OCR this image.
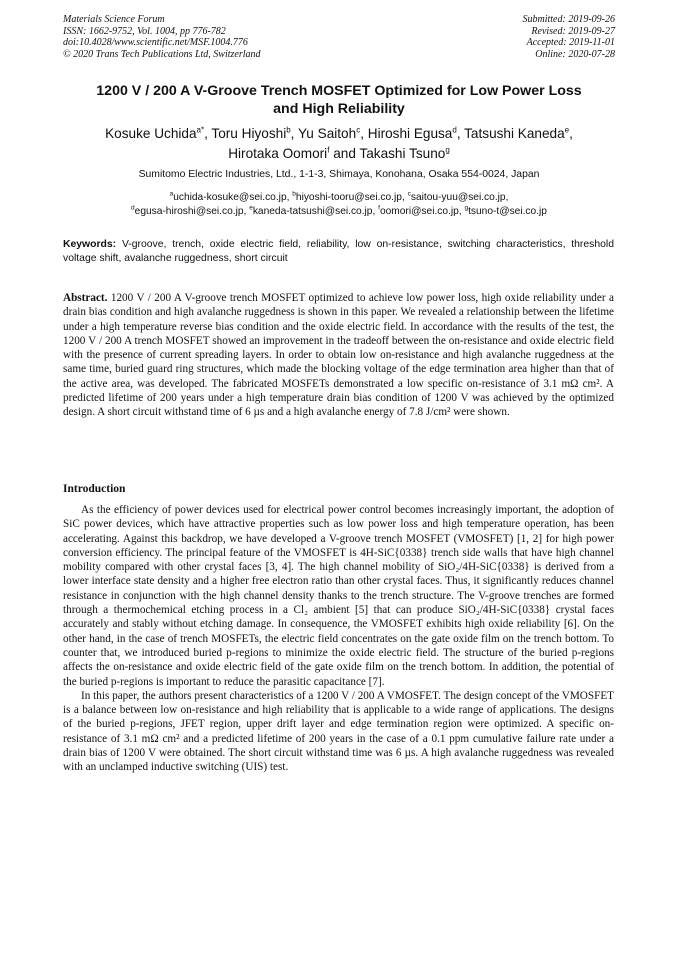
Materials Science Forum
ISSN: 1662-9752, Vol. 1004, pp 776-782
doi:10.4028/www.scientific.net/MSF.1004.776
© 2020 Trans Tech Publications Ltd, Switzerland
Submitted: 2019-09-26
Revised: 2019-09-27
Accepted: 2019-11-01
Online: 2020-07-28
1200 V / 200 A V-Groove Trench MOSFET Optimized for Low Power Loss
and High Reliability
Kosuke Uchida$^{a*}$, Toru Hiyoshi$^b$, Yu Saitoh$^c$, Hiroshi Egusa$^d$, Tatsushi Kaneda$^e$,
Hirotaka Oomori$^f$ and Takashi Tsuno$^g$
Sumitomo Electric Industries, Ltd., 1-1-3, Shimaya, Konohana, Osaka 554-0024, Japan
$^a$uchida-kosuke@sei.co.jp, $^b$hiyoshi-tooru@sei.co.jp, $^c$saitou-yuu@sei.co.jp,
$^d$egusa-hiroshi@sei.co.jp, $^e$kaneda-tatsushi@sei.co.jp, $^f$oomori@sei.co.jp, $^g$tsuno-t@sei.co.jp
Keywords: V-groove, trench, oxide electric field, reliability, low on-resistance, switching characteristics, threshold voltage shift, avalanche ruggedness, short circuit
Abstract. 1200 V / 200 A V-groove trench MOSFET optimized to achieve low power loss, high oxide reliability under a drain bias condition and high avalanche ruggedness is shown in this paper. We revealed a relationship between the lifetime under a high temperature reverse bias condition and the oxide electric field. In accordance with the results of the test, the 1200 V / 200 A trench MOSFET showed an improvement in the tradeoff between the on-resistance and oxide electric field with the presence of current spreading layers. In order to obtain low on-resistance and high avalanche ruggedness at the same time, buried guard ring structures, which made the blocking voltage of the edge termination area higher than that of the active area, was developed. The fabricated MOSFETs demonstrated a low specific on-resistance of 3.1 mΩ cm². A predicted lifetime of 200 years under a high temperature drain bias condition of 1200 V was achieved by the optimized design. A short circuit withstand time of 6 µs and a high avalanche energy of 7.8 J/cm² were shown.
Introduction

As the efficiency of power devices used for electrical power control becomes increasingly important, the adoption of SiC power devices, which have attractive properties such as low power loss and high temperature operation, has been accelerating. Against this backdrop, we have developed a V-groove trench MOSFET (VMOSFET) [1, 2] for high power conversion efficiency. The principal feature of the VMOSFET is 4H-SiC{0338} trench side walls that have high channel mobility compared with other crystal faces [3, 4]. The high channel mobility of SiO₂/4H-SiC{0338} is derived from a lower interface state density and a higher free electron ratio than other crystal faces. Thus, it significantly reduces channel resistance in conjunction with the high channel density thanks to the trench structure. The V-groove trenches are formed through a thermochemical etching process in a Cl₂ ambient [5] that can produce SiO₂/4H-SiC{0338} crystal faces accurately and stably without etching damage. In consequence, the VMOSFET exhibits high oxide reliability [6]. On the other hand, in the case of trench MOSFETs, the electric field concentrates on the gate oxide film on the trench bottom. To counter that, we introduced buried p-regions to minimize the oxide electric field. The structure of the buried p-regions affects the on-resistance and oxide electric field of the gate oxide film on the trench bottom. In addition, the potential of the buried p-regions is important to reduce the parasitic capacitance [7].

In this paper, the authors present characteristics of a 1200 V / 200 A VMOSFET. The design concept of the VMOSFET is a balance between low on-resistance and high reliability that is applicable to a wide range of applications. The designs of the buried p-regions, JFET region, upper drift layer and edge termination region were optimized. A specific on-resistance of 3.1 mΩ cm² and a predicted lifetime of 200 years in the case of a 0.1 ppm cumulative failure rate under a drain bias of 1200 V were obtained. The short circuit withstand time was 6 µs. A high avalanche ruggedness was revealed with an unclamped inductive switching (UIS) test.
